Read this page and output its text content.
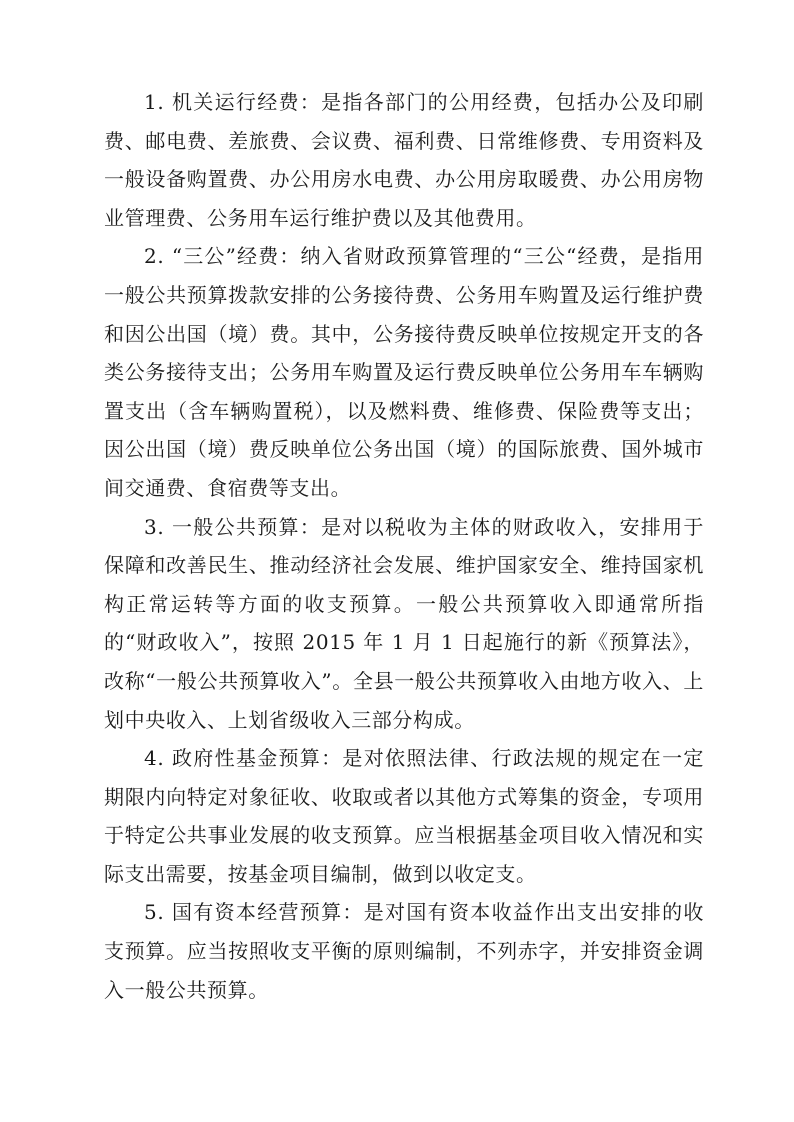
1. 机关运行经费：是指各部门的公用经费，包括办公及印刷费、邮电费、差旅费、会议费、福利费、日常维修费、专用资料及一般设备购置费、办公用房水电费、办公用房取暖费、办公用房物业管理费、公务用车运行维护费以及其他费用。

2. “三公”经费：纳入省财政预算管理的“三公“经费，是指用一般公共预算拨款安排的公务接待费、公务用车购置及运行维护费和因公出国（境）费。其中，公务接待费反映单位按规定开支的各类公务接待支出；公务用车购置及运行费反映单位公务用车车辆购置支出（含车辆购置税），以及燃料费、维修费、保险费等支出；因公出国（境）费反映单位公务出国（境）的国际旅费、国外城市间交通费、食宿费等支出。

3. 一般公共预算：是对以税收为主体的财政收入，安排用于保障和改善民生、推动经济社会发展、维护国家安全、维持国家机构正常运转等方面的收支预算。一般公共预算收入即通常所指的“财政收入”，按照 2015 年 1 月 1 日起施行的新《预算法》，改称“一般公共预算收入”。全县一般公共预算收入由地方收入、上划中央收入、上划省级收入三部分构成。

4. 政府性基金预算：是对依照法律、行政法规的规定在一定期限内向特定对象征收、收取或者以其他方式筹集的资金，专项用于特定公共事业发展的收支预算。应当根据基金项目收入情况和实际支出需要，按基金项目编制，做到以收定支。

5. 国有资本经营预算：是对国有资本收益作出支出安排的收支预算。应当按照收支平衡的原则编制，不列赤字，并安排资金调入一般公共预算。
